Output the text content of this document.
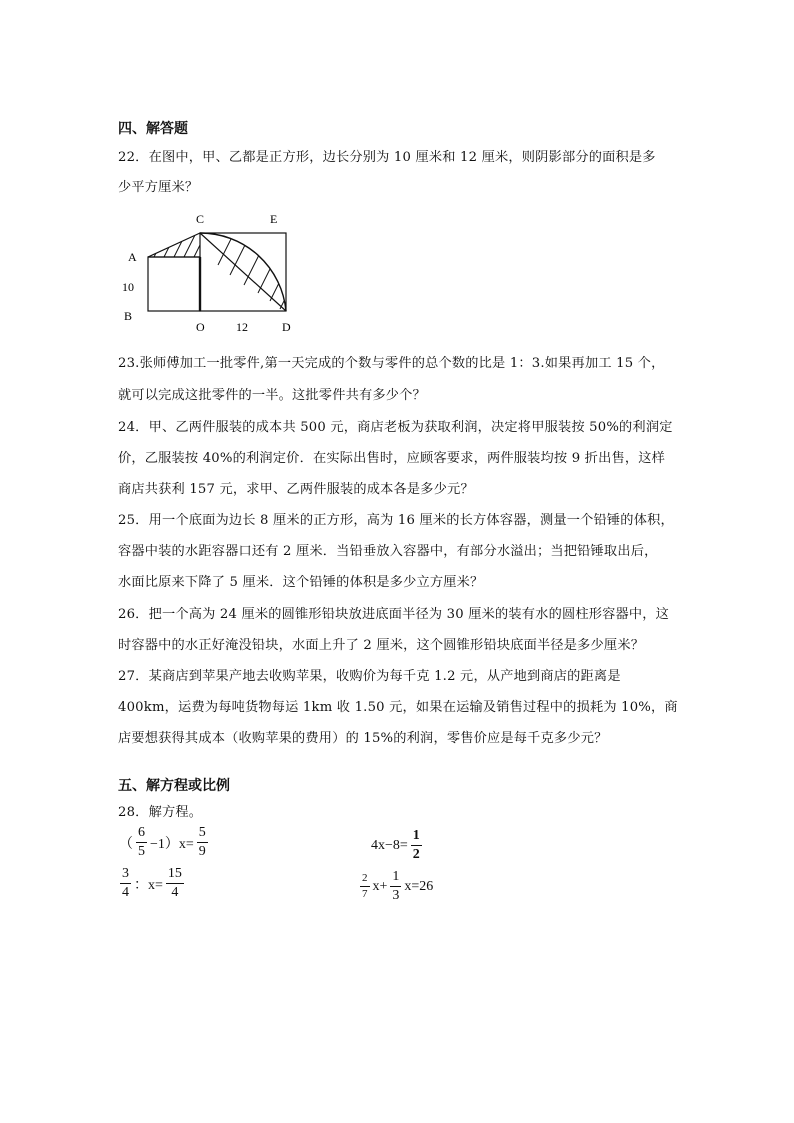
四、解答题
22．在图中，甲、乙都是正方形，边长分别为 10 厘米和 12 厘米，则阴影部分的面积是多
少平方厘米？
C	E
A
10
B
O	12	D
23.张师傅加工一批零件,第一天完成的个数与零件的总个数的比是 1：3.如果再加工 15 个，
就可以完成这批零件的一半。这批零件共有多少个？
24．甲、乙两件服装的成本共 500 元，商店老板为获取利润，决定将甲服装按 50%的利润定
价，乙服装按 40%的利润定价．在实际出售时，应顾客要求，两件服装均按 9 折出售，这样
商店共获利 157 元，求甲、乙两件服装的成本各是多少元？
25．用一个底面为边长 8 厘米的正方形，高为 16 厘米的长方体容器，测量一个铅锤的体积，
容器中装的水距容器口还有 2 厘米．当铅垂放入容器中，有部分水溢出；当把铅锤取出后，
水面比原来下降了 5 厘米．这个铅锤的体积是多少立方厘米？
26．把一个高为 24 厘米的圆锥形铅块放进底面半径为 30 厘米的装有水的圆柱形容器中，这
时容器中的水正好淹没铅块，水面上升了 2 厘米，这个圆锥形铅块底面半径是多少厘米？
27．某商店到苹果产地去收购苹果，收购价为每千克 1.2 元，从产地到商店的距离是
400km，运费为每吨货物每运 1km 收 1.50 元，如果在运输及销售过程中的损耗为 10%，商
店要想获得其成本（收购苹果的费用）的 15%的利润，零售价应是每千克多少元？
五、解方程或比例
28．解方程。
（ $\frac{6}{5} -1)x= \frac{5}{9}$	$4x-8= \frac{1}{2}$
$\frac{3}{4}$ ：$x= \frac{15}{4}$	$\frac{2}{7} x+ \frac{1}{3} x=26$
